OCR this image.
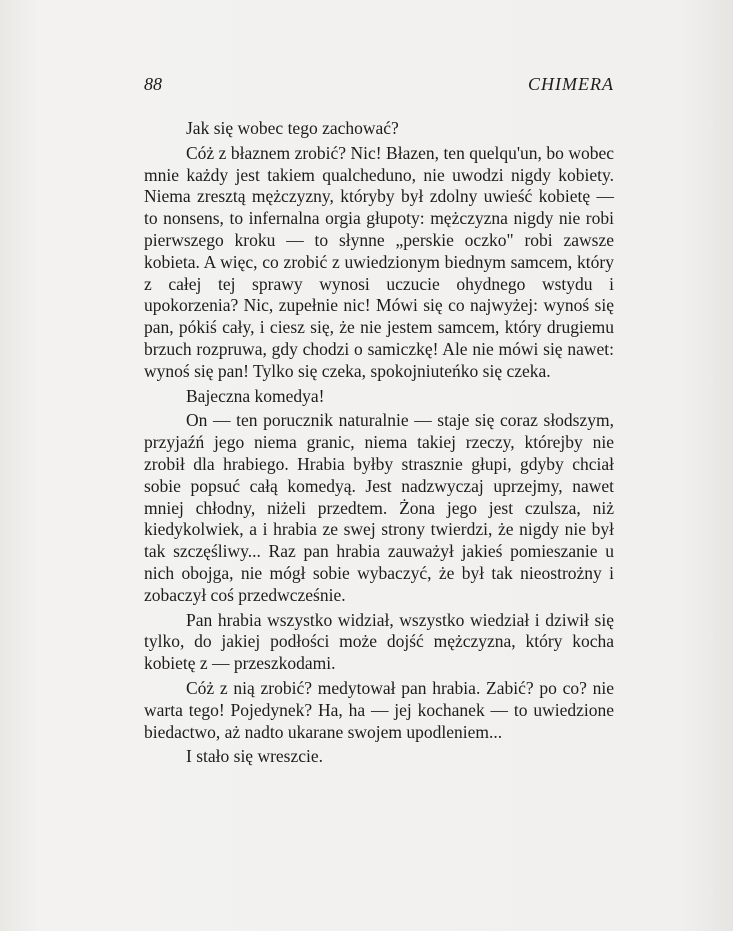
88	CHIMERA

Jak się wobec tego zachować?

Cóż z błaznem zrobić? Nic! Błazen, ten quelqu'un, bo wobec mnie każdy jest takiem qualcheduno, nie uwodzi nigdy kobiety. Niema zresztą mężczyzny, któryby był zdolny uwieść kobietę — to nonsens, to infernalna orgia głupoty: mężczyzna nigdy nie robi pierwszego kroku — to słynne „perskie oczko" robi zawsze kobieta. A więc, co zrobić z uwiedzionym biednym samcem, który z całej tej sprawy wynosi uczucie ohydnego wstydu i upokorzenia? Nic, zupełnie nic! Mówi się co najwyżej: wynoś się pan, pókiś cały, i ciesz się, że nie jestem samcem, który drugiemu brzuch rozpruwa, gdy chodzi o samiczkę! Ale nie mówi się nawet: wynoś się pan! Tylko się czeka, spokojniuteńko się czeka.

Bajeczna komedya!

On — ten porucznik naturalnie — staje się coraz słodszym, przyjaźń jego niema granic, niema takiej rzeczy, którejby nie zrobił dla hrabiego. Hrabia byłby strasznie głupi, gdyby chciał sobie popsuć całą komedyą. Jest nadzwyczaj uprzejmy, nawet mniej chłodny, niżeli przedtem. Żona jego jest czulsza, niż kiedykolwiek, a i hrabia ze swej strony twierdzi, że nigdy nie był tak szczęśliwy... Raz pan hrabia zauważył jakieś pomieszanie u nich obojga, nie mógł sobie wybaczyć, że był tak nieostrożny i zobaczył coś przedwcześnie.

Pan hrabia wszystko widział, wszystko wiedział i dziwił się tylko, do jakiej podłości może dojść mężczyzna, który kocha kobietę z — przeszkodami.

Cóż z nią zrobić? medytował pan hrabia. Zabić? po co? nie warta tego! Pojedynek? Ha, ha — jej kochanek — to uwiedzione biedactwo, aż nadto ukarane swojem upodleniem...

I stało się wreszcie.
